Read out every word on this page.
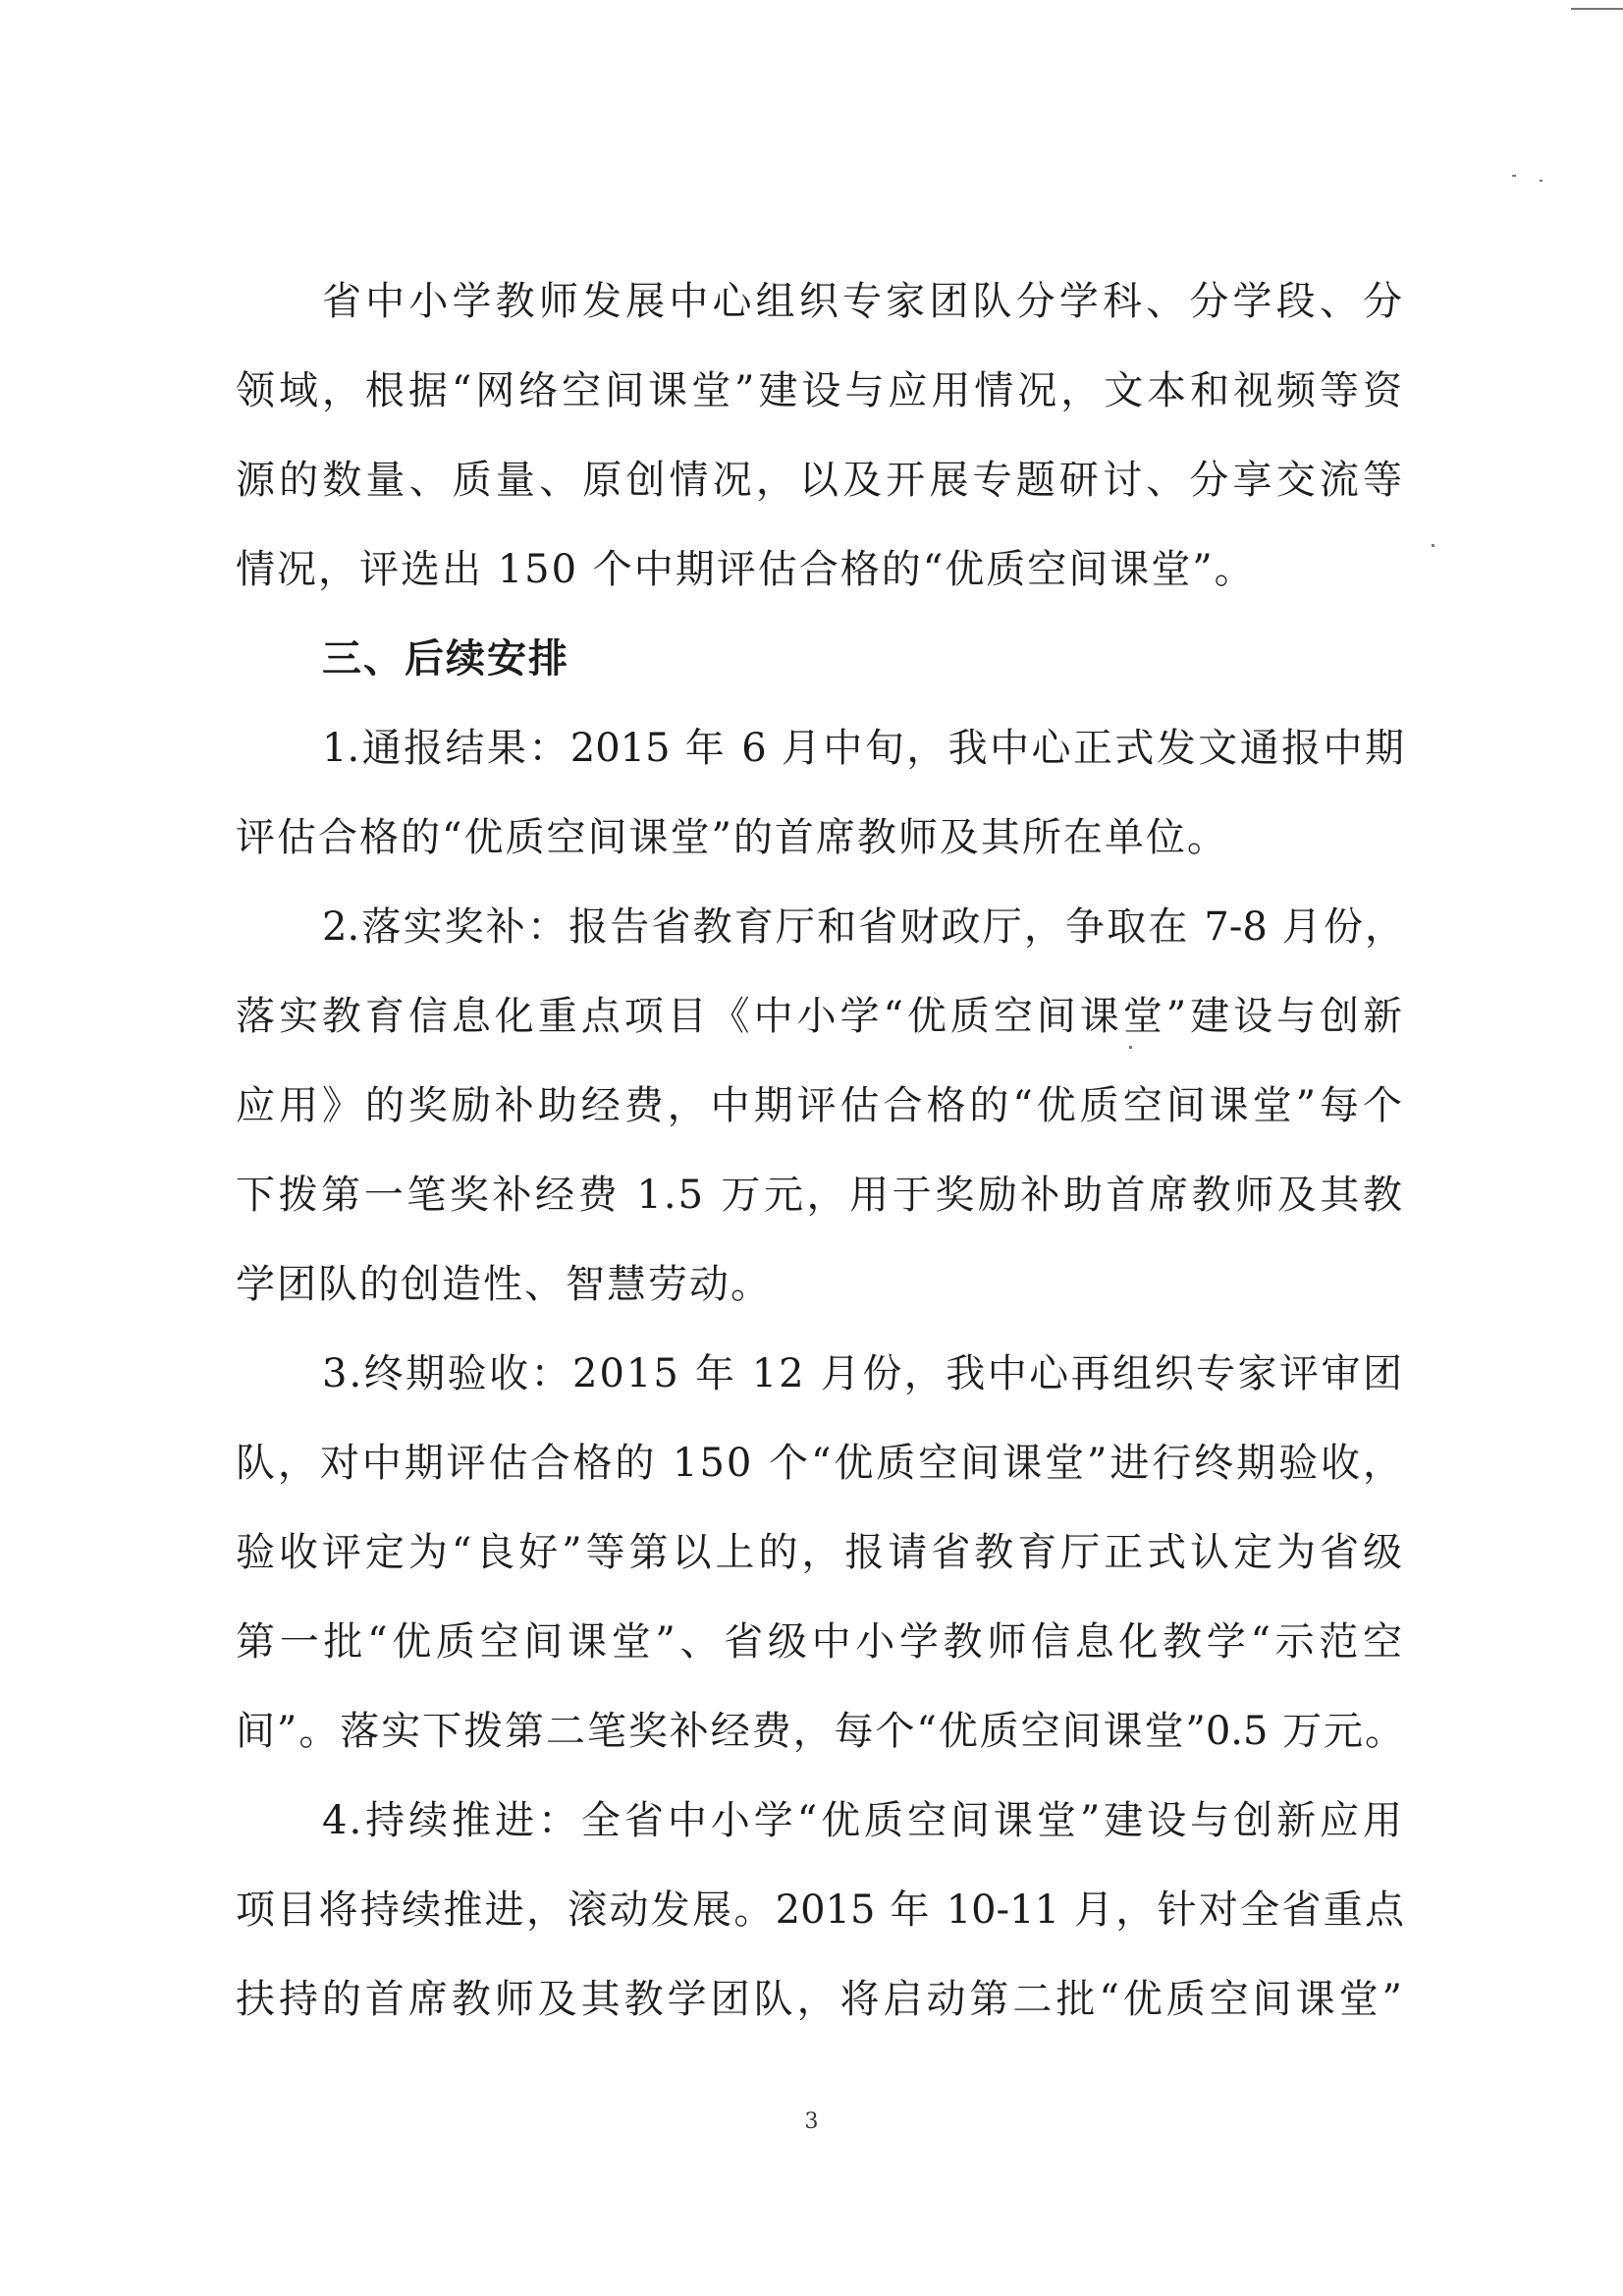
省中小学教师发展中心组织专家团队分学科、分学段、分
领域，根据“网络空间课堂”建设与应用情况，文本和视频等资
源的数量、质量、原创情况，以及开展专题研讨、分享交流等
情况，评选出 150 个中期评估合格的“优质空间课堂”。
三、后续安排
1.通报结果：2015 年 6 月中旬，我中心正式发文通报中期
评估合格的“优质空间课堂”的首席教师及其所在单位。
2.落实奖补：报告省教育厅和省财政厅，争取在 7-8 月份，
落实教育信息化重点项目《中小学“优质空间课堂”建设与创新
应用》的奖励补助经费，中期评估合格的“优质空间课堂”每个
下拨第一笔奖补经费 1.5 万元，用于奖励补助首席教师及其教
学团队的创造性、智慧劳动。
3.终期验收：2015 年 12 月份，我中心再组织专家评审团
队，对中期评估合格的 150 个“优质空间课堂”进行终期验收，
验收评定为“良好”等第以上的，报请省教育厅正式认定为省级
第一批“优质空间课堂”、省级中小学教师信息化教学“示范空
间”。落实下拨第二笔奖补经费，每个“优质空间课堂”0.5 万元。
4.持续推进：全省中小学“优质空间课堂”建设与创新应用
项目将持续推进，滚动发展。2015 年 10-11 月，针对全省重点
扶持的首席教师及其教学团队，将启动第二批“优质空间课堂”
3
